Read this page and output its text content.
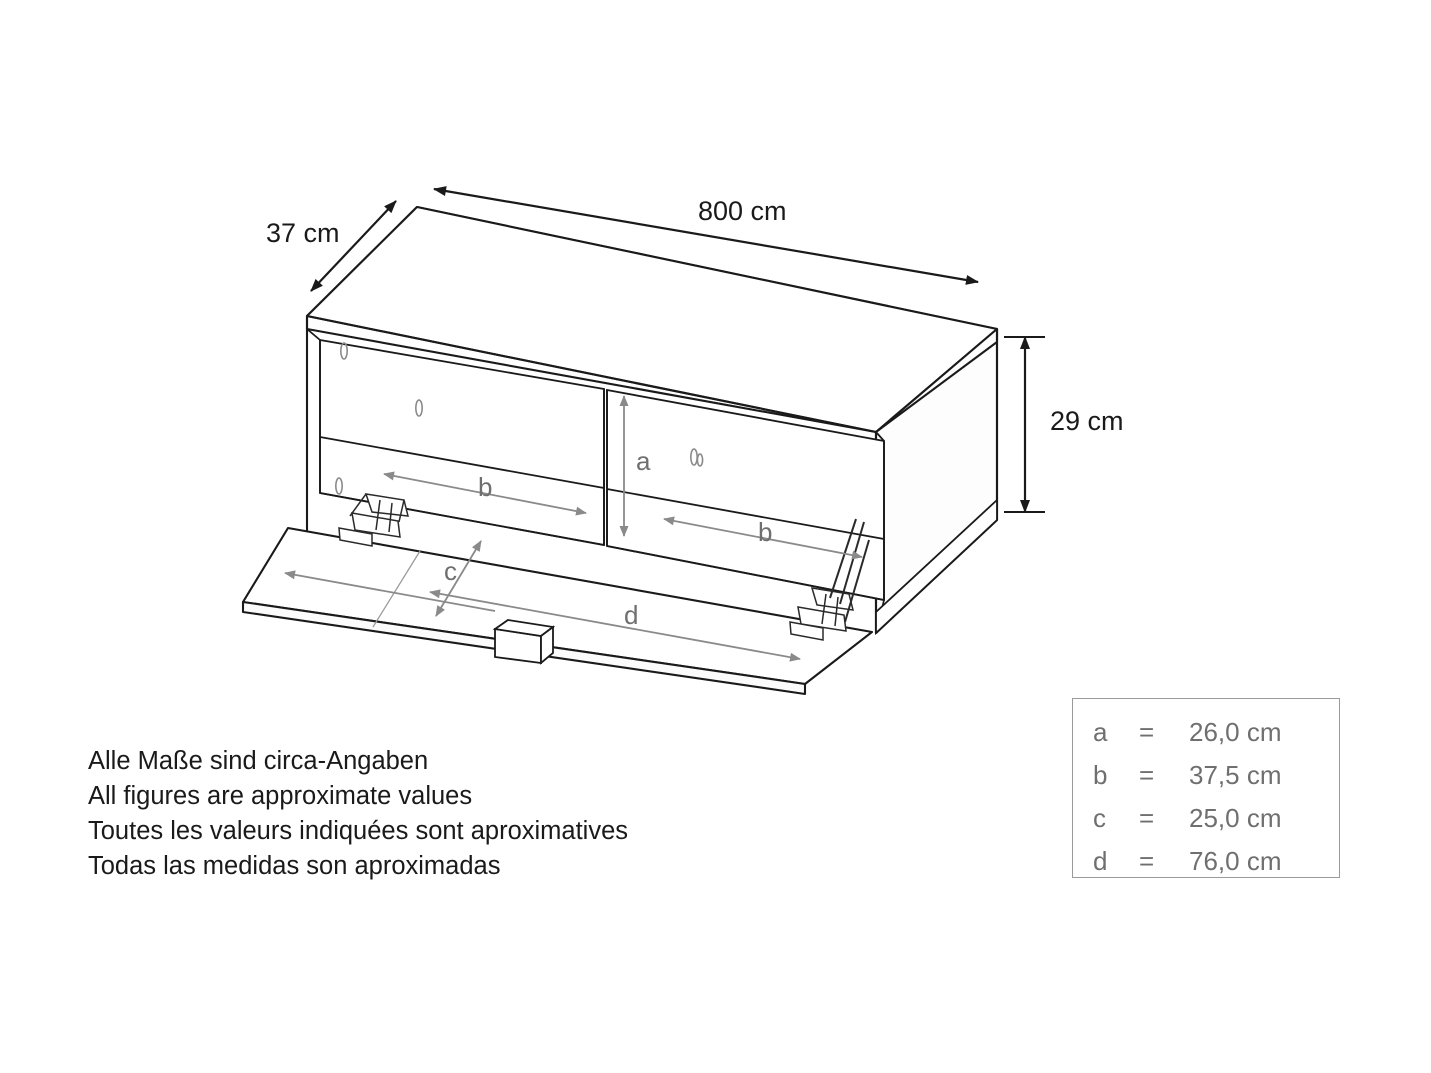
800 cm
37 cm
29 cm
a
b
b
c
d
Alle Maße sind circa-Angaben
All figures are approximate values
Toutes les valeurs indiquées sont aproximatives
Todas las medidas son aproximadas
a	=	26,0 cm
b	=	37,5 cm
c	=	25,0 cm
d	=	76,0 cm
